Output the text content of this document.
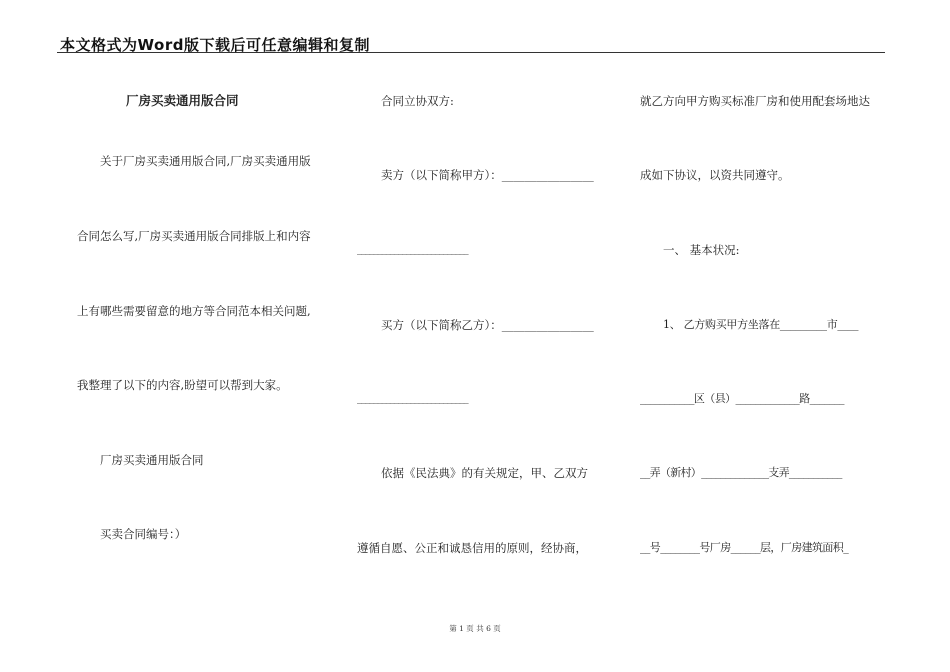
本文格式为Word版下载后可任意编辑和复制
厂房买卖通用版合同
关于厂房买卖通用版合同,厂房买卖通用版
合同怎么写,厂房买卖通用版合同排版上和内容
上有哪些需要留意的地方等合同范本相关问题,
我整理了以下的内容,盼望可以帮到大家。
厂房买卖通用版合同
买卖合同编号：）
合同立协双方:
卖方（以下简称甲方）：________________
___________________________
买方（以下简称乙方）：________________
___________________________
依据《民法典》的有关规定，甲、乙双方
遵循自愿、公正和诚恳信用的原则，经协商，
就乙方向甲方购买标准厂房和使用配套场地达
成如下协议，以资共同遵守。
一、 基本状况:
1、 乙方购买甲方坐落在_________市____
___________区（县）_____________路_______
__弄（新村）______________支弄___________
__号________号厂房______层，厂房建筑面积_
第 1 页 共 6 页
